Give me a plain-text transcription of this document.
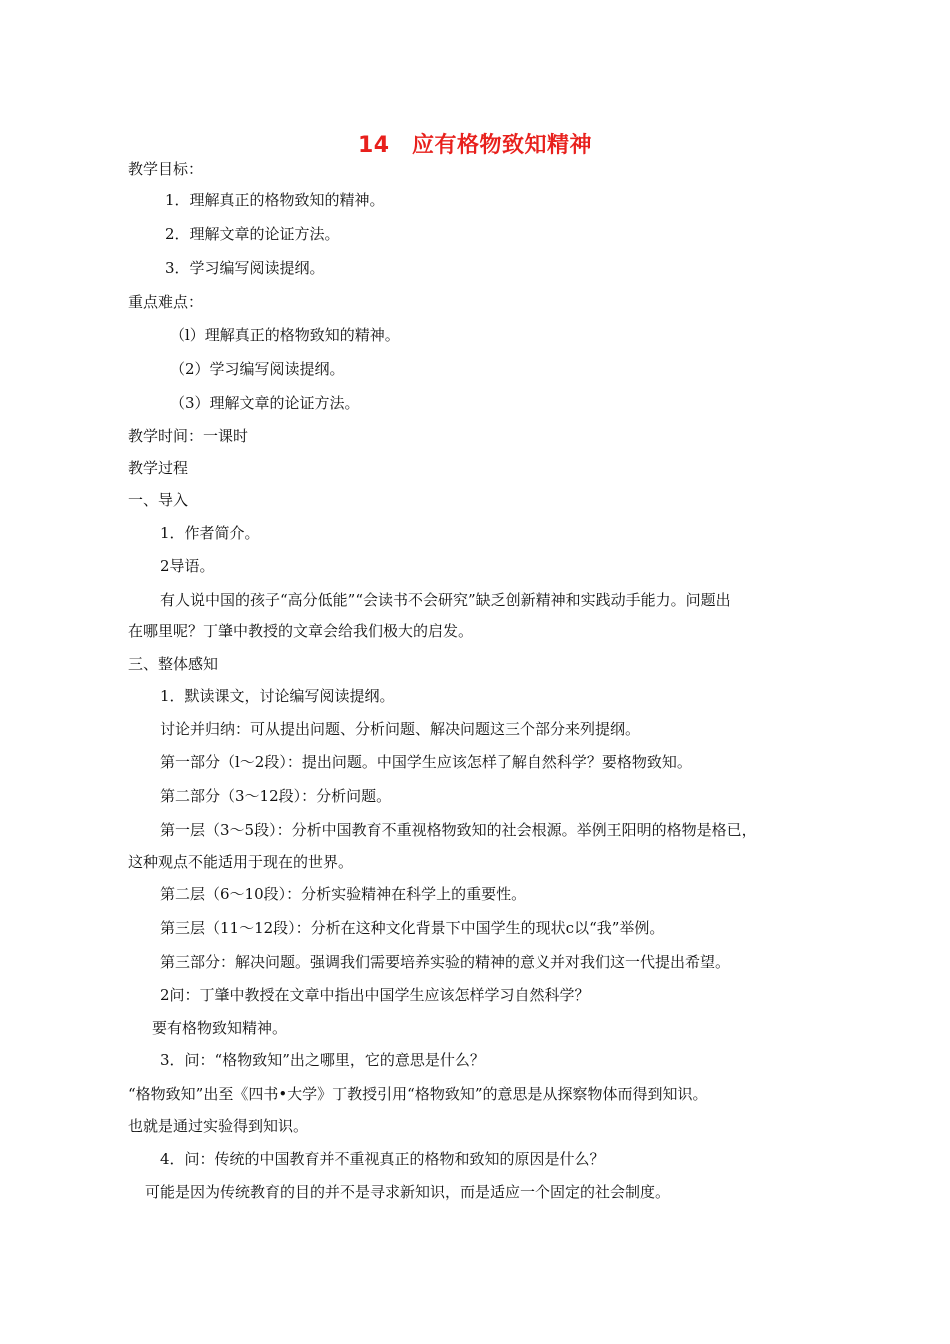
14　应有格物致知精神
教学目标：
1．理解真正的格物致知的精神。
2．理解文章的论证方法。
3．学习编写阅读提纲。
重点难点：
（l）理解真正的格物致知的精神。
（2）学习编写阅读提纲。
（3）理解文章的论证方法。
教学时间：一课时
教学过程
一、导入
1．作者简介。
2导语。
有人说中国的孩子“高分低能”“会读书不会研究”缺乏创新精神和实践动手能力。问题出
在哪里呢？丁肇中教授的文章会给我们极大的启发。
三、整体感知
1．默读课文，讨论编写阅读提纲。
讨论并归纳：可从提出问题、分析问题、解决问题这三个部分来列提纲。
第一部分（l～2段）：提出问题。中国学生应该怎样了解自然科学？要格物致知。
第二部分（3～12段）：分析问题。
第一层（3～5段）：分析中国教育不重视格物致知的社会根源。举例王阳明的格物是格已，
这种观点不能适用于现在的世界。
第二层（6～10段）：分析实验精神在科学上的重要性。
第三层（11～12段）：分析在这种文化背景下中国学生的现状c以“我”举例。
第三部分：解决问题。强调我们需要培养实验的精神的意义并对我们这一代提出希望。
2问：丁肇中教授在文章中指出中国学生应该怎样学习自然科学？
要有格物致知精神。
3．问：“格物致知”出之哪里，它的意思是什么？
“格物致知”出至《四书•大学》丁教授引用“格物致知”的意思是从探察物体而得到知识。
也就是通过实验得到知识。
4．问：传统的中国教育并不重视真正的格物和致知的原因是什么？
可能是因为传统教育的目的并不是寻求新知识，而是适应一个固定的社会制度。
